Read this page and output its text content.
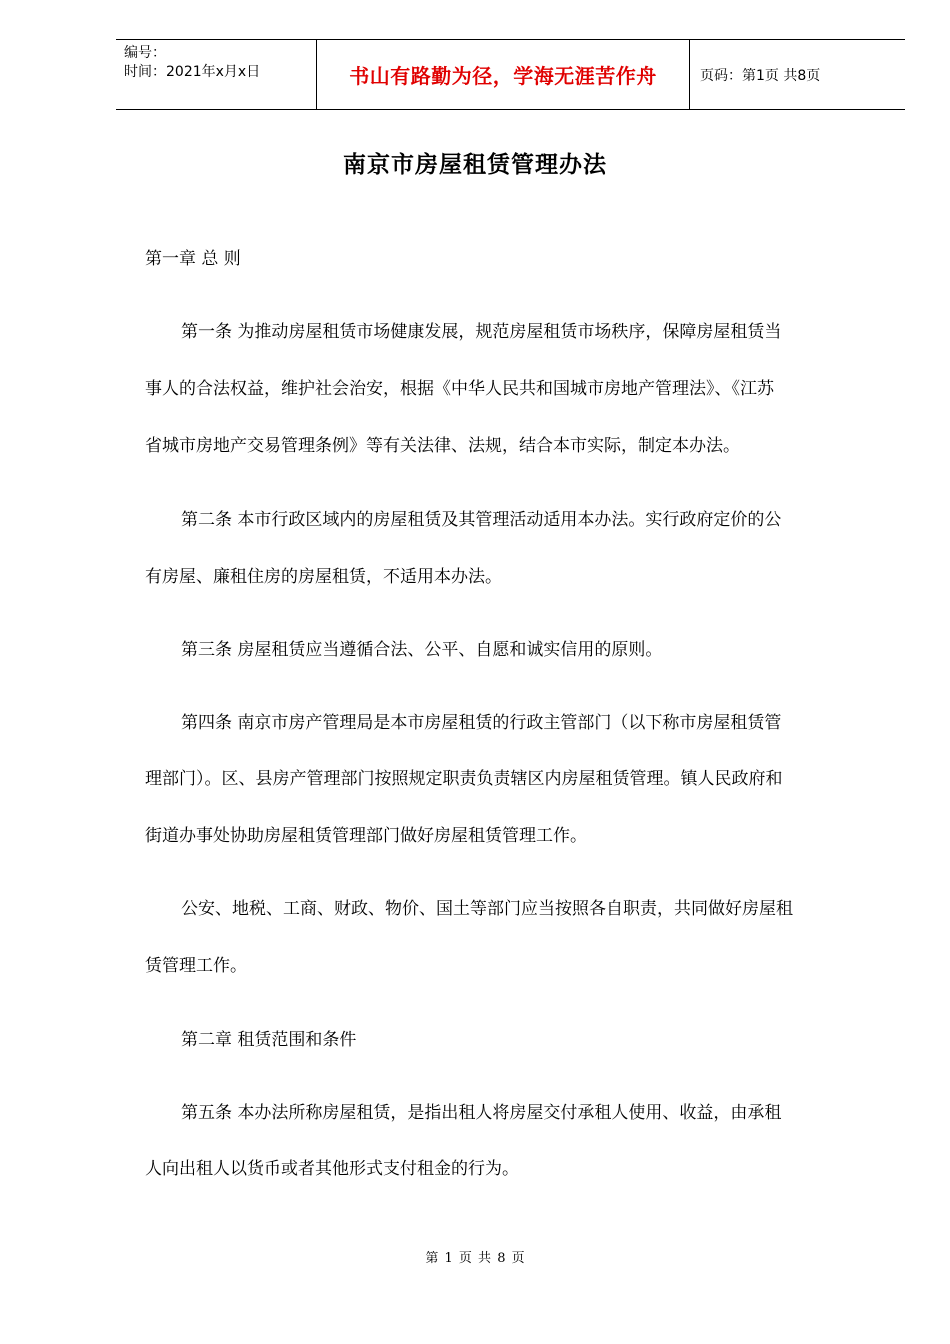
编号：
时间：2021年x月x日	书山有路勤为径，学海无涯苦作舟	页码：第1页 共8页
南京市房屋租赁管理办法
第一章 总 则
第一条 为推动房屋租赁市场健康发展，规范房屋租赁市场秩序，保障房屋租赁当
事人的合法权益，维护社会治安，根据《中华人民共和国城市房地产管理法》、《江苏
省城市房地产交易管理条例》等有关法律、法规，结合本市实际，制定本办法。
第二条 本市行政区域内的房屋租赁及其管理活动适用本办法。实行政府定价的公
有房屋、廉租住房的房屋租赁，不适用本办法。
第三条 房屋租赁应当遵循合法、公平、自愿和诚实信用的原则。
第四条 南京市房产管理局是本市房屋租赁的行政主管部门（以下称市房屋租赁管
理部门）。区、县房产管理部门按照规定职责负责辖区内房屋租赁管理。镇人民政府和
街道办事处协助房屋租赁管理部门做好房屋租赁管理工作。
公安、地税、工商、财政、物价、国土等部门应当按照各自职责，共同做好房屋租
赁管理工作。
第二章 租赁范围和条件
第五条 本办法所称房屋租赁，是指出租人将房屋交付承租人使用、收益，由承租
人向出租人以货币或者其他形式支付租金的行为。
第 1 页 共 8 页
